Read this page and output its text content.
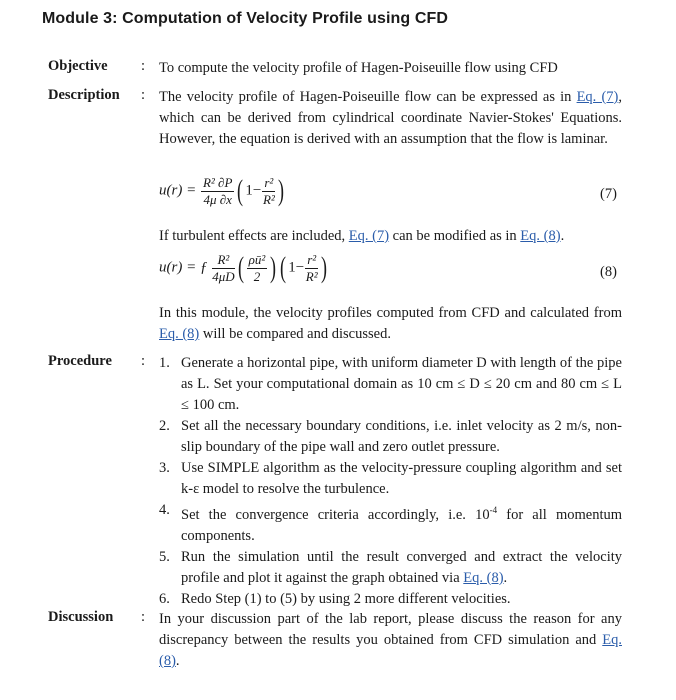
Module 3: Computation of Velocity Profile using CFD
Objective : To compute the velocity profile of Hagen-Poiseuille flow using CFD
Description : The velocity profile of Hagen-Poiseuille flow can be expressed as in Eq. (7), which can be derived from cylindrical coordinate Navier-Stokes' Equations. However, the equation is derived with an assumption that the flow is laminar.
$u(r) = \frac{\text{R² ∂P}}{4\mu \partial x}$ ( $1- \frac{\text{r²}}{\text{R²}}$ )	(7)
If turbulent effects are included, Eq. (7) can be modified as in Eq. (8).
u(r) = ƒ $\frac{\text{R²}}{4\mu D}$ ( $\frac{\text{ρū²}}{2}$ ) ( $1- \frac{\text{r²}}{\text{R²}}$ )	(8)
In this module, the velocity profiles computed from CFD and calculated from Eq. (8) will be compared and discussed.
Procedure : 1. Generate a horizontal pipe, with uniform diameter D with length of the pipe as L. Set your computational domain as 10 cm ≤ D ≤ 20 cm and 80 cm ≤ L ≤ 100 cm.
2. Set all the necessary boundary conditions, i.e. inlet velocity as 2 m/s, non-slip boundary of the pipe wall and zero outlet pressure.
3. Use SIMPLE algorithm as the velocity-pressure coupling algorithm and set k-ε model to resolve the turbulence.
4. Set the convergence criteria accordingly, i.e. $10^{-4}$ for all momentum components.
5. Run the simulation until the result converged and extract the velocity profile and plot it against the graph obtained via Eq. (8).
6. Redo Step (1) to (5) by using 2 more different velocities.
Discussion : In your discussion part of the lab report, please discuss the reason for any discrepancy between the results you obtained from CFD simulation and Eq. (8).
